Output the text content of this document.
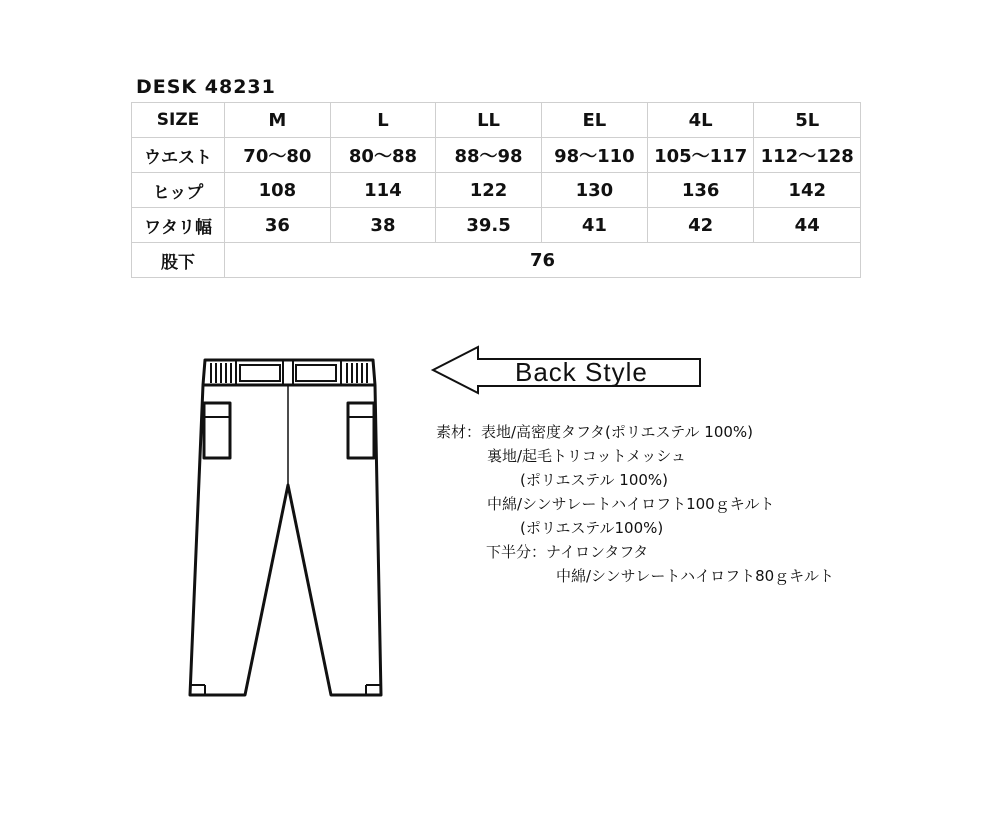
DESK 48231
SIZE	M	L	LL	EL	4L	5L
ウエスト	70〜80	80〜88	88〜98	98〜110	105〜117	112〜128
ヒップ	108	114	122	130	136	142
ワタリ幅	36	38	39.5	41	42	44
股下	76					
Back Style
素材：表地/高密度タフタ(ポリエステル 100%)
裏地/起毛トリコットメッシュ
(ポリエステル 100%)
中綿/シンサレートハイロフト100ｇキルト
(ポリエステル100%)
下半分：ナイロンタフタ
中綿/シンサレートハイロフト80ｇキルト
